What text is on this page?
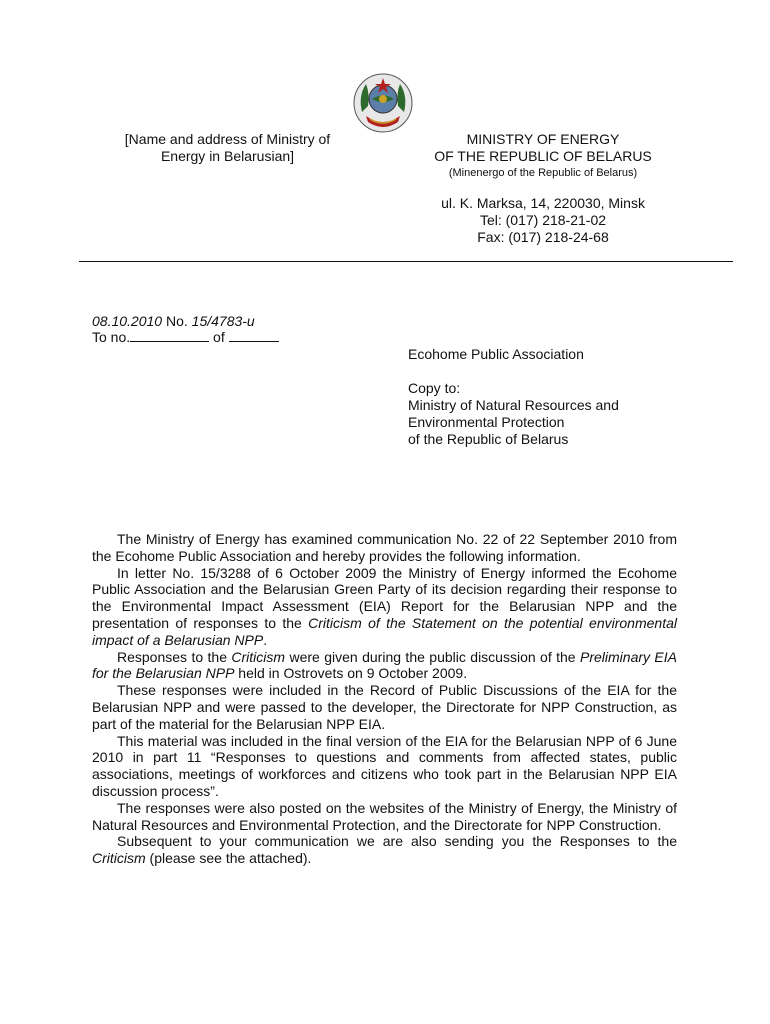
[Name and address of Ministry of
Energy in Belarusian]
MINISTRY OF ENERGY
OF THE REPUBLIC OF BELARUS
(Minenergo of the Republic of Belarus)
ul. K. Marksa, 14, 220030, Minsk
Tel: (017) 218-21-02
Fax: (017) 218-24-68
08.10.2010 No. 15/4783-u
To no.	of
Ecohome Public Association
Copy to:
Ministry of Natural Resources and
Environmental Protection
of the Republic of Belarus

The Ministry of Energy has examined communication No. 22 of 22 September 2010 from the Ecohome Public Association and hereby provides the following information.

In letter No. 15/3288 of 6 October 2009 the Ministry of Energy informed the Ecohome Public Association and the Belarusian Green Party of its decision regarding their response to the Environmental Impact Assessment (EIA) Report for the Belarusian NPP and the presentation of responses to the Criticism of the Statement on the potential environmental impact of a Belarusian NPP.

Responses to the Criticism were given during the public discussion of the Preliminary EIA for the Belarusian NPP held in Ostrovets on 9 October 2009.

These responses were included in the Record of Public Discussions of the EIA for the Belarusian NPP and were passed to the developer, the Directorate for NPP Construction, as part of the material for the Belarusian NPP EIA.

This material was included in the final version of the EIA for the Belarusian NPP of 6 June 2010 in part 11 “Responses to questions and comments from affected states, public associations, meetings of workforces and citizens who took part in the Belarusian NPP EIA discussion process”.

The responses were also posted on the websites of the Ministry of Energy, the Ministry of Natural Resources and Environmental Protection, and the Directorate for NPP Construction.

Subsequent to your communication we are also sending you the Responses to the Criticism (please see the attached).
